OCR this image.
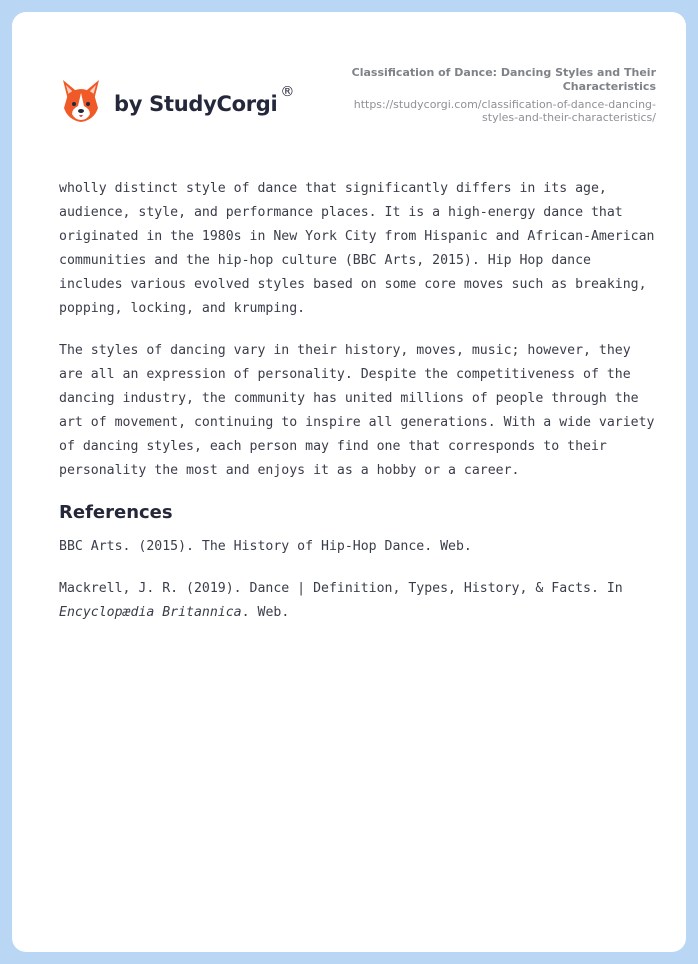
by StudyCorgi ®
Classification of Dance: Dancing Styles and Their Characteristics
https://studycorgi.com/classification-of-dance-dancing-styles-and-their-characteristics/

wholly distinct style of dance that significantly differs in its age, audience, style, and performance places. It is a high-energy dance that originated in the 1980s in New York City from Hispanic and African-American communities and the hip-hop culture (BBC Arts, 2015). Hip Hop dance includes various evolved styles based on some core moves such as breaking, popping, locking, and krumping.

The styles of dancing vary in their history, moves, music; however, they are all an expression of personality. Despite the competitiveness of the dancing industry, the community has united millions of people through the art of movement, continuing to inspire all generations. With a wide variety of dancing styles, each person may find one that corresponds to their personality the most and enjoys it as a hobby or a career.

References

BBC Arts. (2015). The History of Hip-Hop Dance. Web.

Mackrell, J. R. (2019). Dance | Definition, Types, History, & Facts. In Encyclopædia Britannica. Web.
